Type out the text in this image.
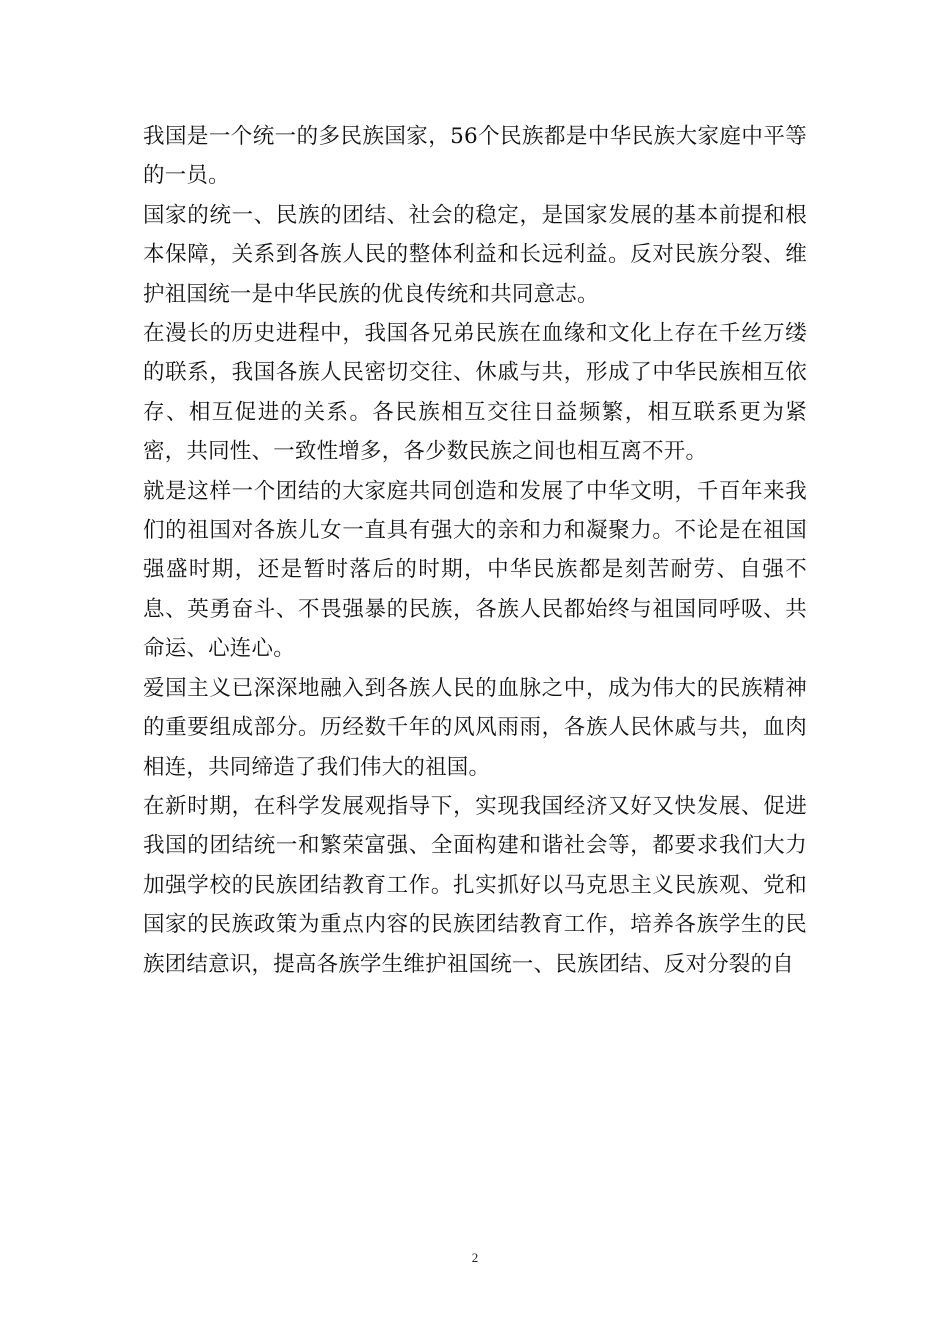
我国是一个统一的多民族国家，56个民族都是中华民族大家庭中平等的一员。

国家的统一、民族的团结、社会的稳定，是国家发展的基本前提和根本保障，关系到各族人民的整体利益和长远利益。反对民族分裂、维护祖国统一是中华民族的优良传统和共同意志。

在漫长的历史进程中，我国各兄弟民族在血缘和文化上存在千丝万缕的联系，我国各族人民密切交往、休戚与共，形成了中华民族相互依存、相互促进的关系。各民族相互交往日益频繁，相互联系更为紧密，共同性、一致性增多，各少数民族之间也相互离不开。

就是这样一个团结的大家庭共同创造和发展了中华文明，千百年来我们的祖国对各族儿女一直具有强大的亲和力和凝聚力。不论是在祖国强盛时期，还是暂时落后的时期，中华民族都是刻苦耐劳、自强不息、英勇奋斗、不畏强暴的民族，各族人民都始终与祖国同呼吸、共命运、心连心。

爱国主义已深深地融入到各族人民的血脉之中，成为伟大的民族精神的重要组成部分。历经数千年的风风雨雨，各族人民休戚与共，血肉相连，共同缔造了我们伟大的祖国。

在新时期，在科学发展观指导下，实现我国经济又好又快发展、促进我国的团结统一和繁荣富强、全面构建和谐社会等，都要求我们大力加强学校的民族团结教育工作。扎实抓好以马克思主义民族观、党和国家的民族政策为重点内容的民族团结教育工作，培养各族学生的民族团结意识，提高各族学生维护祖国统一、民族团结、反对分裂的自

2
